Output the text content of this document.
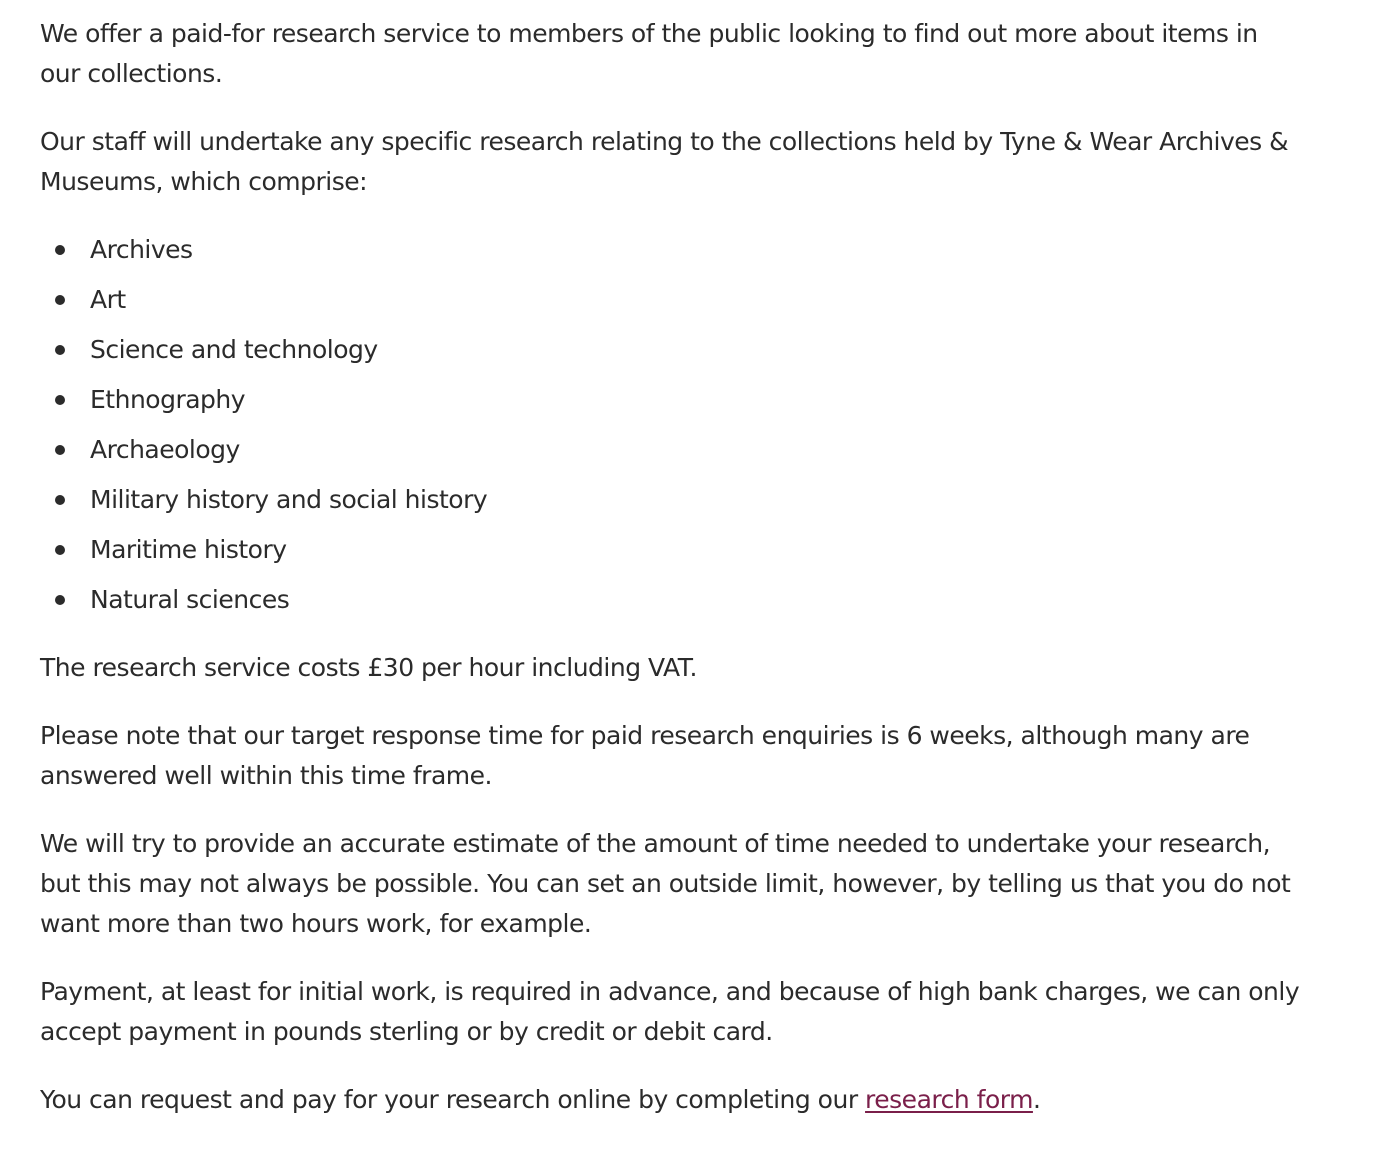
We offer a paid-for research service to members of the public looking to find out more about items in our collections.

Our staff will undertake any specific research relating to the collections held by Tyne & Wear Archives & Museums, which comprise:

Archives
Art
Science and technology
Ethnography
Archaeology
Military history and social history
Maritime history
Natural sciences

The research service costs £30 per hour including VAT.

Please note that our target response time for paid research enquiries is 6 weeks, although many are answered well within this time frame.

We will try to provide an accurate estimate of the amount of time needed to undertake your research, but this may not always be possible. You can set an outside limit, however, by telling us that you do not want more than two hours work, for example.

Payment, at least for initial work, is required in advance, and because of high bank charges, we can only accept payment in pounds sterling or by credit or debit card.

You can request and pay for your research online by completing our research form.
